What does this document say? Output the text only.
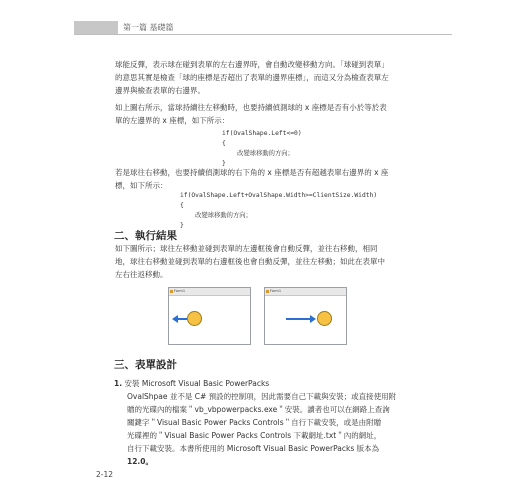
第一篇 基礎篇

球能反彈，表示球在碰到表單的左右邊界時，會自動改變移動方向。「球碰到表單」
的意思其實是檢查「球的座標是否超出了表單的邊界座標」，而這又分為檢查表單左
邊界與檢查表單的右邊界。

如上圖右所示，當球持續往左移動時，也要持續偵測球的 x 座標是否有小於等於表
單的左邊界的 x 座標，如下所示：

if(OvalShape.Left<=0)
{
改變球移動的方向；
}

若是球往右移動，也要持續偵測球的右下角的 x 座標是否有超越表單右邊界的 x 座
標，如下所示：

if(OvalShape.Left+OvalShape.Width>=ClientSize.Width)
{
改變球移動的方向；
}
二、執行結果

如下圖所示；球往左移動並碰到表單的左邊框後會自動反彈，並往右移動，相同
地，球往右移動並碰到表單的右邊框後也會自動反彈，並往左移動；如此在表單中
左右往返移動。

Form1	Form1
三、表單設計
1. 安裝 Microsoft Visual Basic PowerPacks

OvalShpae 並不是 C# 預設的控制項，因此需要自己下載與安裝；或直接使用附
贈的光碟內的檔案＂vb_vbpowerpacks.exe＂安裝。讀者也可以在網路上查詢
關鍵字＂Visual Basic Power Packs Controls＂自行下載安裝，或是由附贈
光碟裡的＂Visual Basic Power Packs Controls 下載網址.txt＂內的網址，
自行下載安裝。本書所使用的 Microsoft Visual Basic PowerPacks 版本為
12.0。

2-12
